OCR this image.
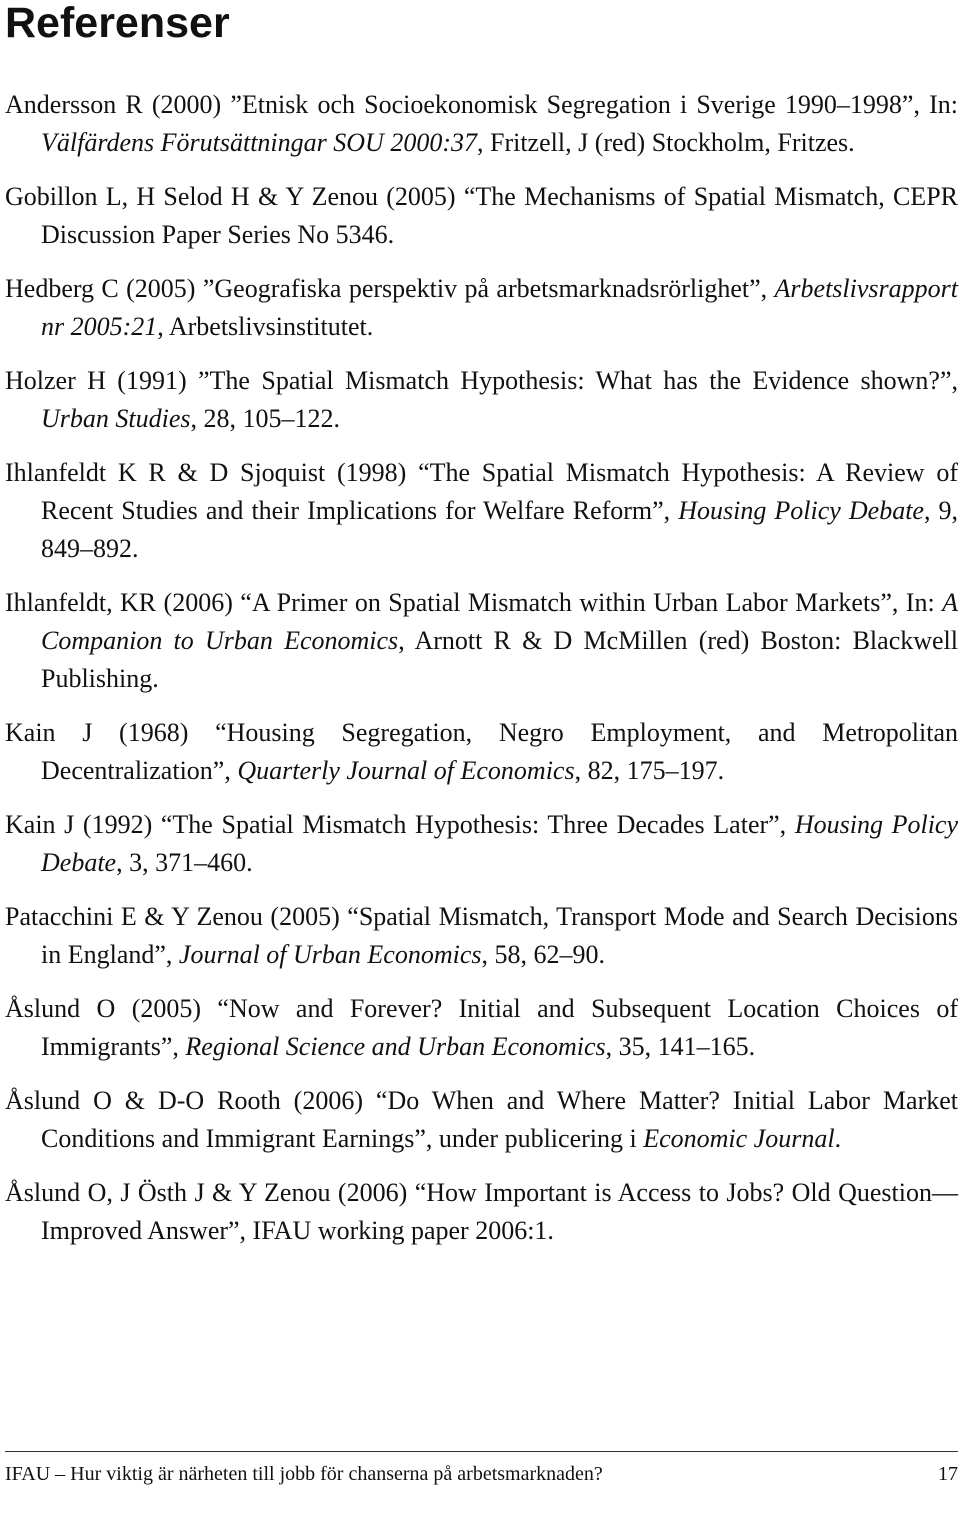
Referenser

Andersson R (2000) ”Etnisk och Socioekonomisk Segregation i Sverige 1990–1998”, In: Välfärdens Förutsättningar SOU 2000:37, Fritzell, J (red) Stockholm, Fritzes.

Gobillon L, H Selod H & Y Zenou (2005) “The Mechanisms of Spatial Mismatch, CEPR Discussion Paper Series No 5346.

Hedberg C (2005) ”Geografiska perspektiv på arbetsmarknadsrörlighet”, Arbetslivsrapport nr 2005:21, Arbetslivsinstitutet.

Holzer H (1991) ”The Spatial Mismatch Hypothesis: What has the Evidence shown?”, Urban Studies, 28, 105–122.

Ihlanfeldt K R & D Sjoquist (1998) “The Spatial Mismatch Hypothesis: A Review of Recent Studies and their Implications for Welfare Reform”, Housing Policy Debate, 9, 849–892.

Ihlanfeldt, KR (2006) “A Primer on Spatial Mismatch within Urban Labor Markets”, In: A Companion to Urban Economics, Arnott R & D McMillen (red) Boston: Blackwell Publishing.

Kain J (1968) “Housing Segregation, Negro Employment, and Metropolitan Decentralization”, Quarterly Journal of Economics, 82, 175–197.

Kain J (1992) “The Spatial Mismatch Hypothesis: Three Decades Later”, Housing Policy Debate, 3, 371–460.

Patacchini E & Y Zenou (2005) “Spatial Mismatch, Transport Mode and Search Decisions in England”, Journal of Urban Economics, 58, 62–90.

Åslund O (2005) “Now and Forever? Initial and Subsequent Location Choices of Immigrants”, Regional Science and Urban Economics, 35, 141–165.

Åslund O & D-O Rooth (2006) “Do When and Where Matter? Initial Labor Market Conditions and Immigrant Earnings”, under publicering i Economic Journal.

Åslund O, J Östh J & Y Zenou (2006) “How Important is Access to Jobs? Old Question—Improved Answer”, IFAU working paper 2006:1.

IFAU – Hur viktig är närheten till jobb för chanserna på arbetsmarknaden?	17
